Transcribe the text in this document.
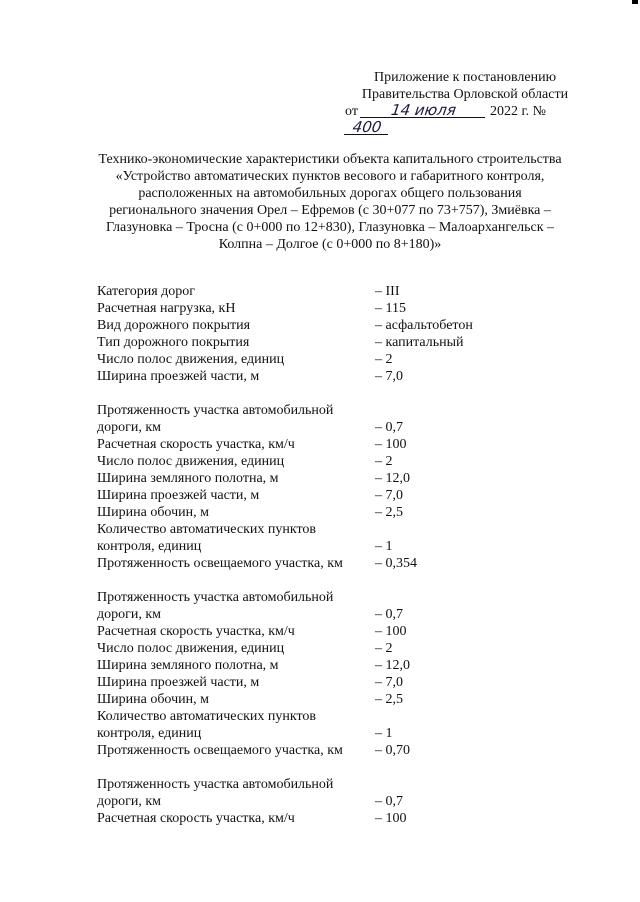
Приложение к постановлению
Правительства Орловской области
от 14 июля 2022 г. № 400
Технико-экономические характеристики объекта капитального строительства
«Устройство автоматических пунктов весового и габаритного контроля,
расположенных на автомобильных дорогах общего пользования
регионального значения Орел – Ефремов (с 30+077 по 73+757), Змиёвка –
Глазуновка – Тросна (с 0+000 по 12+830), Глазуновка – Малоархангельск –
Колпна – Долгое (с 0+000 по 8+180)»
Категория дорог	– III
Расчетная нагрузка, кН	– 115
Вид дорожного покрытия	– асфальтобетон
Тип дорожного покрытия	– капитальный
Число полос движения, единиц	– 2
Ширина проезжей части, м	– 7,0
Протяженность участка автомобильной
дороги, км	– 0,7
Расчетная скорость участка, км/ч	– 100
Число полос движения, единиц	– 2
Ширина земляного полотна, м	– 12,0
Ширина проезжей части, м	– 7,0
Ширина обочин, м	– 2,5
Количество автоматических пунктов
контроля, единиц	– 1
Протяженность освещаемого участка, км	– 0,354
Протяженность участка автомобильной
дороги, км	– 0,7
Расчетная скорость участка, км/ч	– 100
Число полос движения, единиц	– 2
Ширина земляного полотна, м	– 12,0
Ширина проезжей части, м	– 7,0
Ширина обочин, м	– 2,5
Количество автоматических пунктов
контроля, единиц	– 1
Протяженность освещаемого участка, км	– 0,70
Протяженность участка автомобильной
дороги, км	– 0,7
Расчетная скорость участка, км/ч	– 100
